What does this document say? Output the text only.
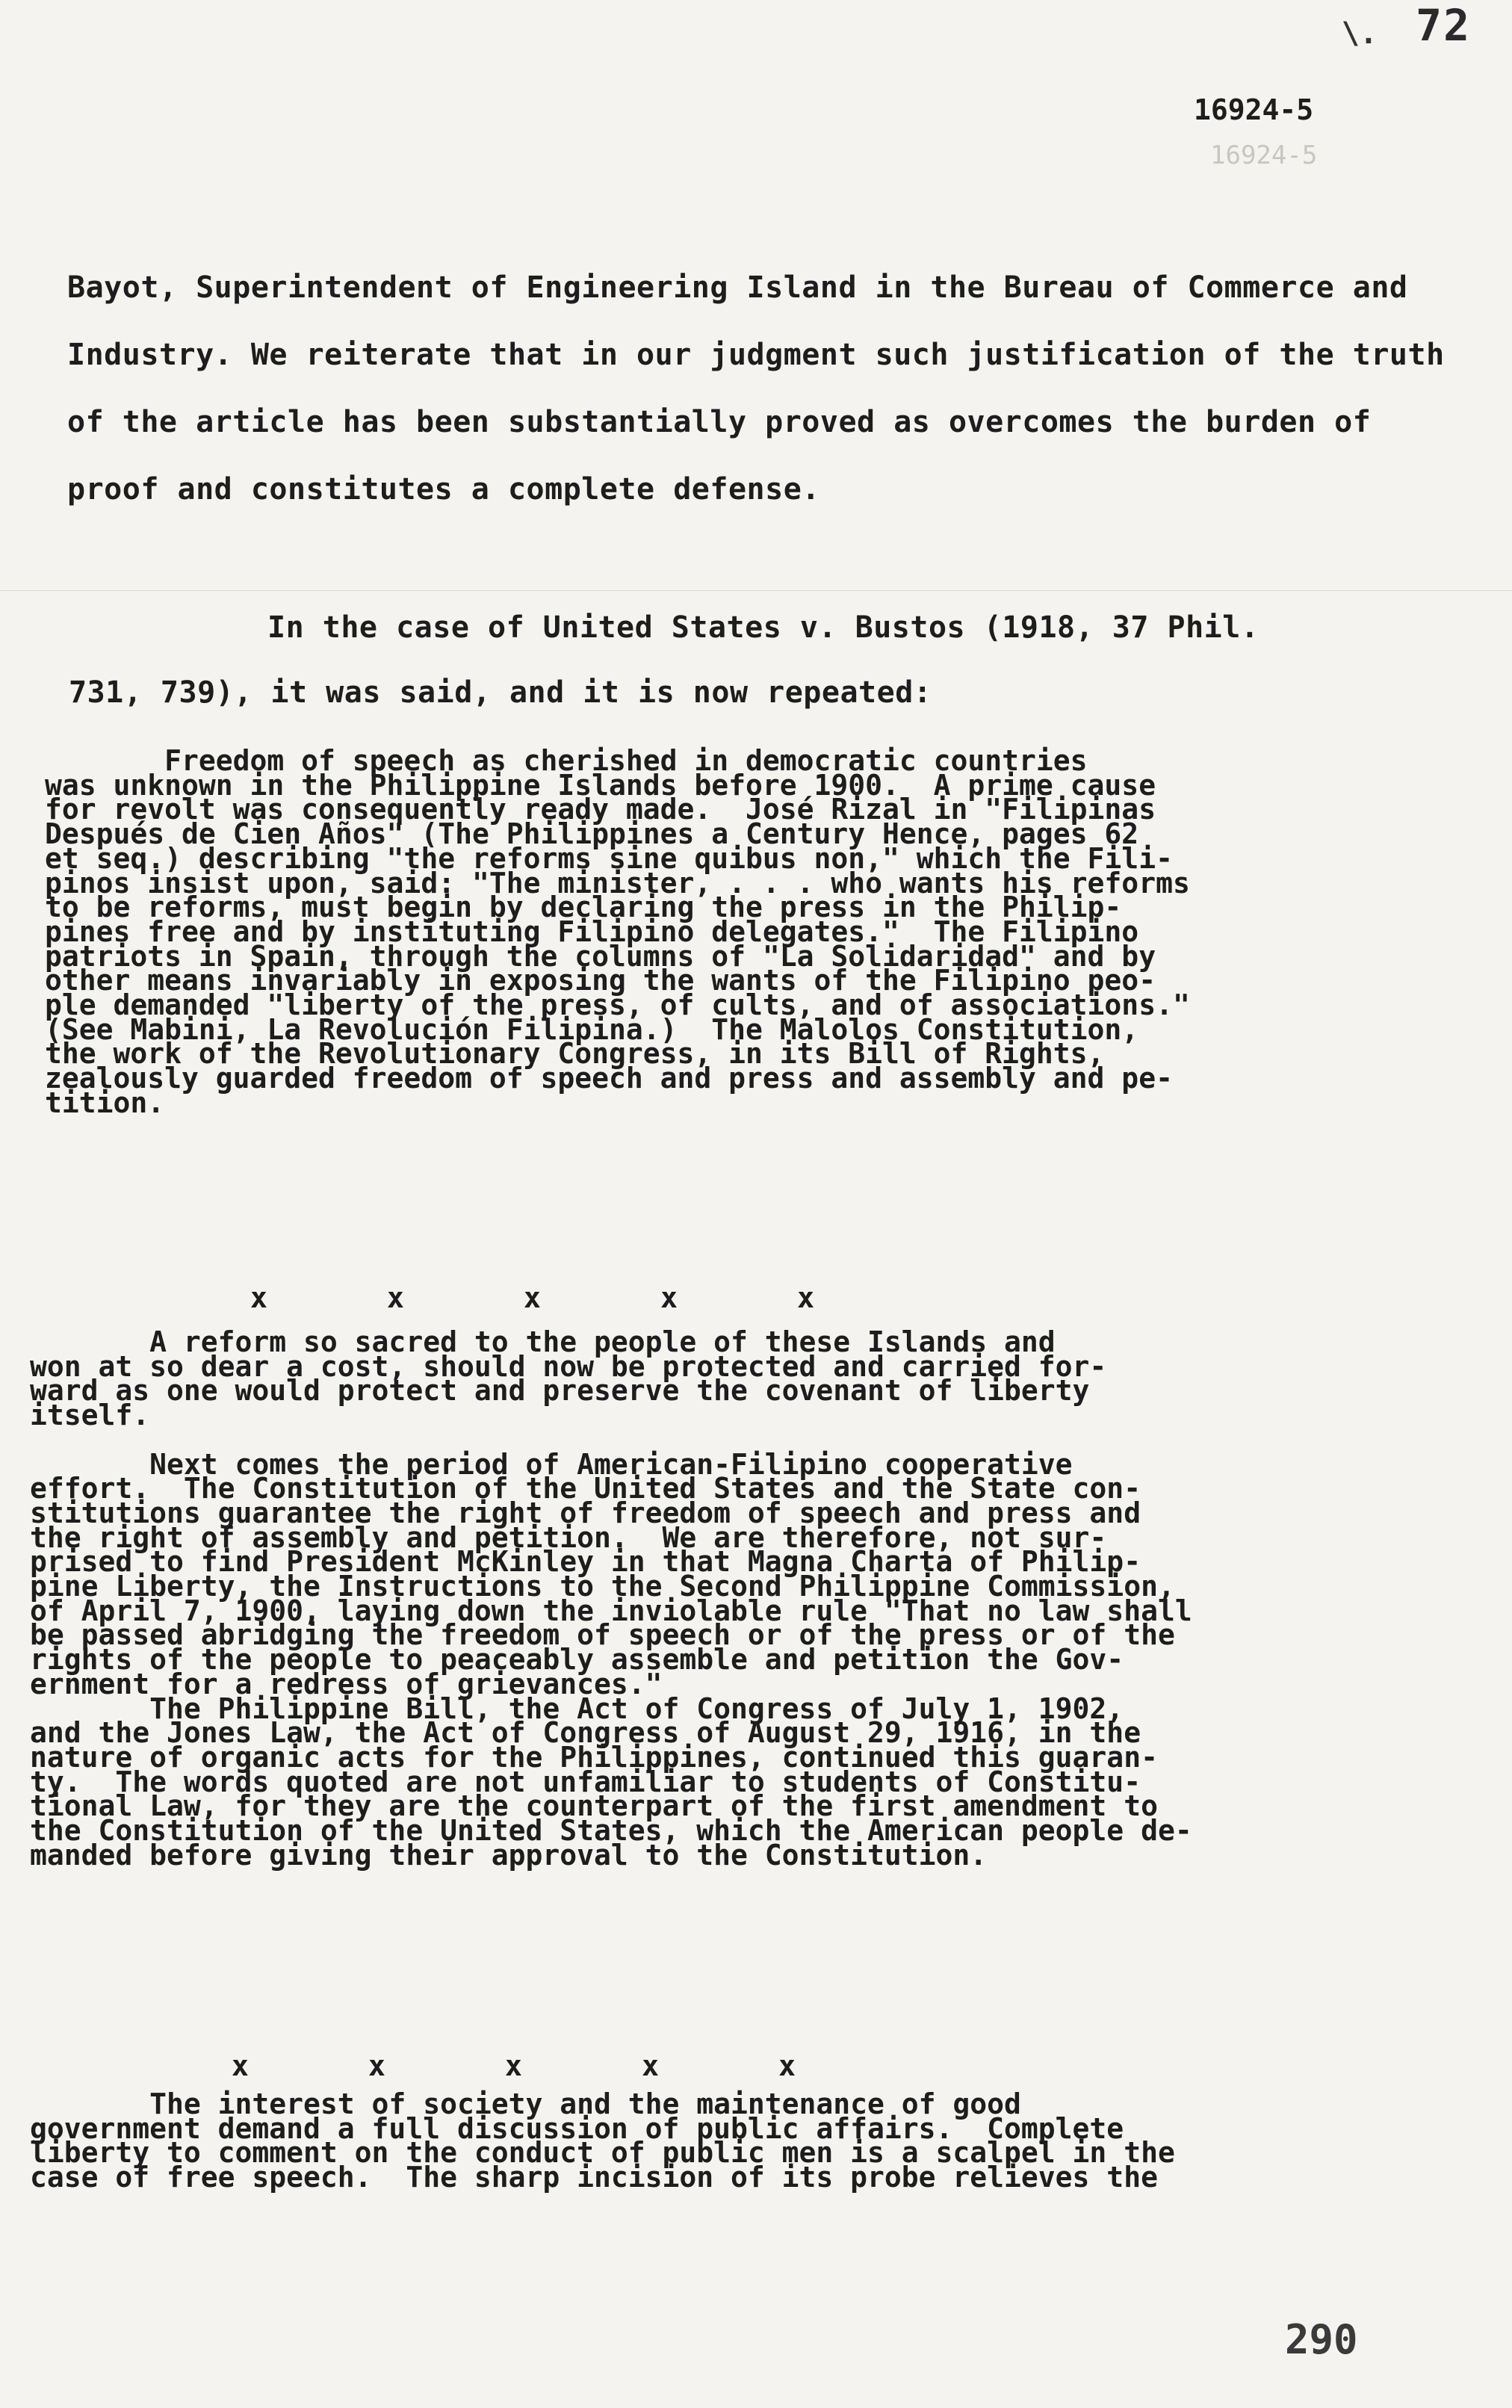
\. 72
16924-5
16924-5
Bayot, Superintendent of Engineering Island in the Bureau of Commerce and Industry. We reiterate that in our judgment such justification of the truth of the article has been substantially proved as overcomes the burden of proof and constitutes a complete defense.
In the case of United States v. Bustos (1918, 37 Phil.
731, 739), it was said, and it is now repeated:

Freedom of speech as cherished in democratic countries

was unknown in the Philippine Islands before 1900.  A prime cause

for revolt was consequently ready made.  José Rizal in "Filipinas

Después de Cien Años" (The Philippines a Century Hence, pages 62

et seq.) describing "the reforms sine quibus non," which the Fili-

pinos insist upon, said: "The minister, . . . who wants his reforms

to be reforms, must begin by declaring the press in the Philip-

pines free and by instituting Filipino delegates."  The Filipino

patriots in Spain, through the columns of "La Solidaridad" and by

other means invariably in exposing the wants of the Filipino peo-

ple demanded "liberty of the press, of cults, and of associations."

(See Mabini, La Revolución Filipina.)  The Malolos Constitution,

the work of the Revolutionary Congress, in its Bill of Rights,

zealously guarded freedom of speech and press and assembly and pe-

tition.

x       x       x       x       x

A reform so sacred to the people of these Islands and

won at so dear a cost, should now be protected and carried for-

ward as one would protect and preserve the covenant of liberty

itself.

Next comes the period of American-Filipino cooperative

effort.  The Constitution of the United States and the State con-

stitutions guarantee the right of freedom of speech and press and

the right of assembly and petition.  We are therefore, not sur-

prised to find President McKinley in that Magna Charta of Philip-

pine Liberty, the Instructions to the Second Philippine Commission,

of April 7, 1900, laying down the inviolable rule "That no law shall

be passed abridging the freedom of speech or of the press or of the

rights of the people to peaceably assemble and petition the Gov-

ernment for a redress of grievances."

The Philippine Bill, the Act of Congress of July 1, 1902,

and the Jones Law, the Act of Congress of August 29, 1916, in the

nature of organic acts for the Philippines, continued this guaran-

ty.  The words quoted are not unfamiliar to students of Constitu-

tional Law, for they are the counterpart of the first amendment to

the Constitution of the United States, which the American people de-

manded before giving their approval to the Constitution.

x       x       x       x       x

The interest of society and the maintenance of good

government demand a full discussion of public affairs.  Complete

liberty to comment on the conduct of public men is a scalpel in the

case of free speech.  The sharp incision of its probe relieves the

290
